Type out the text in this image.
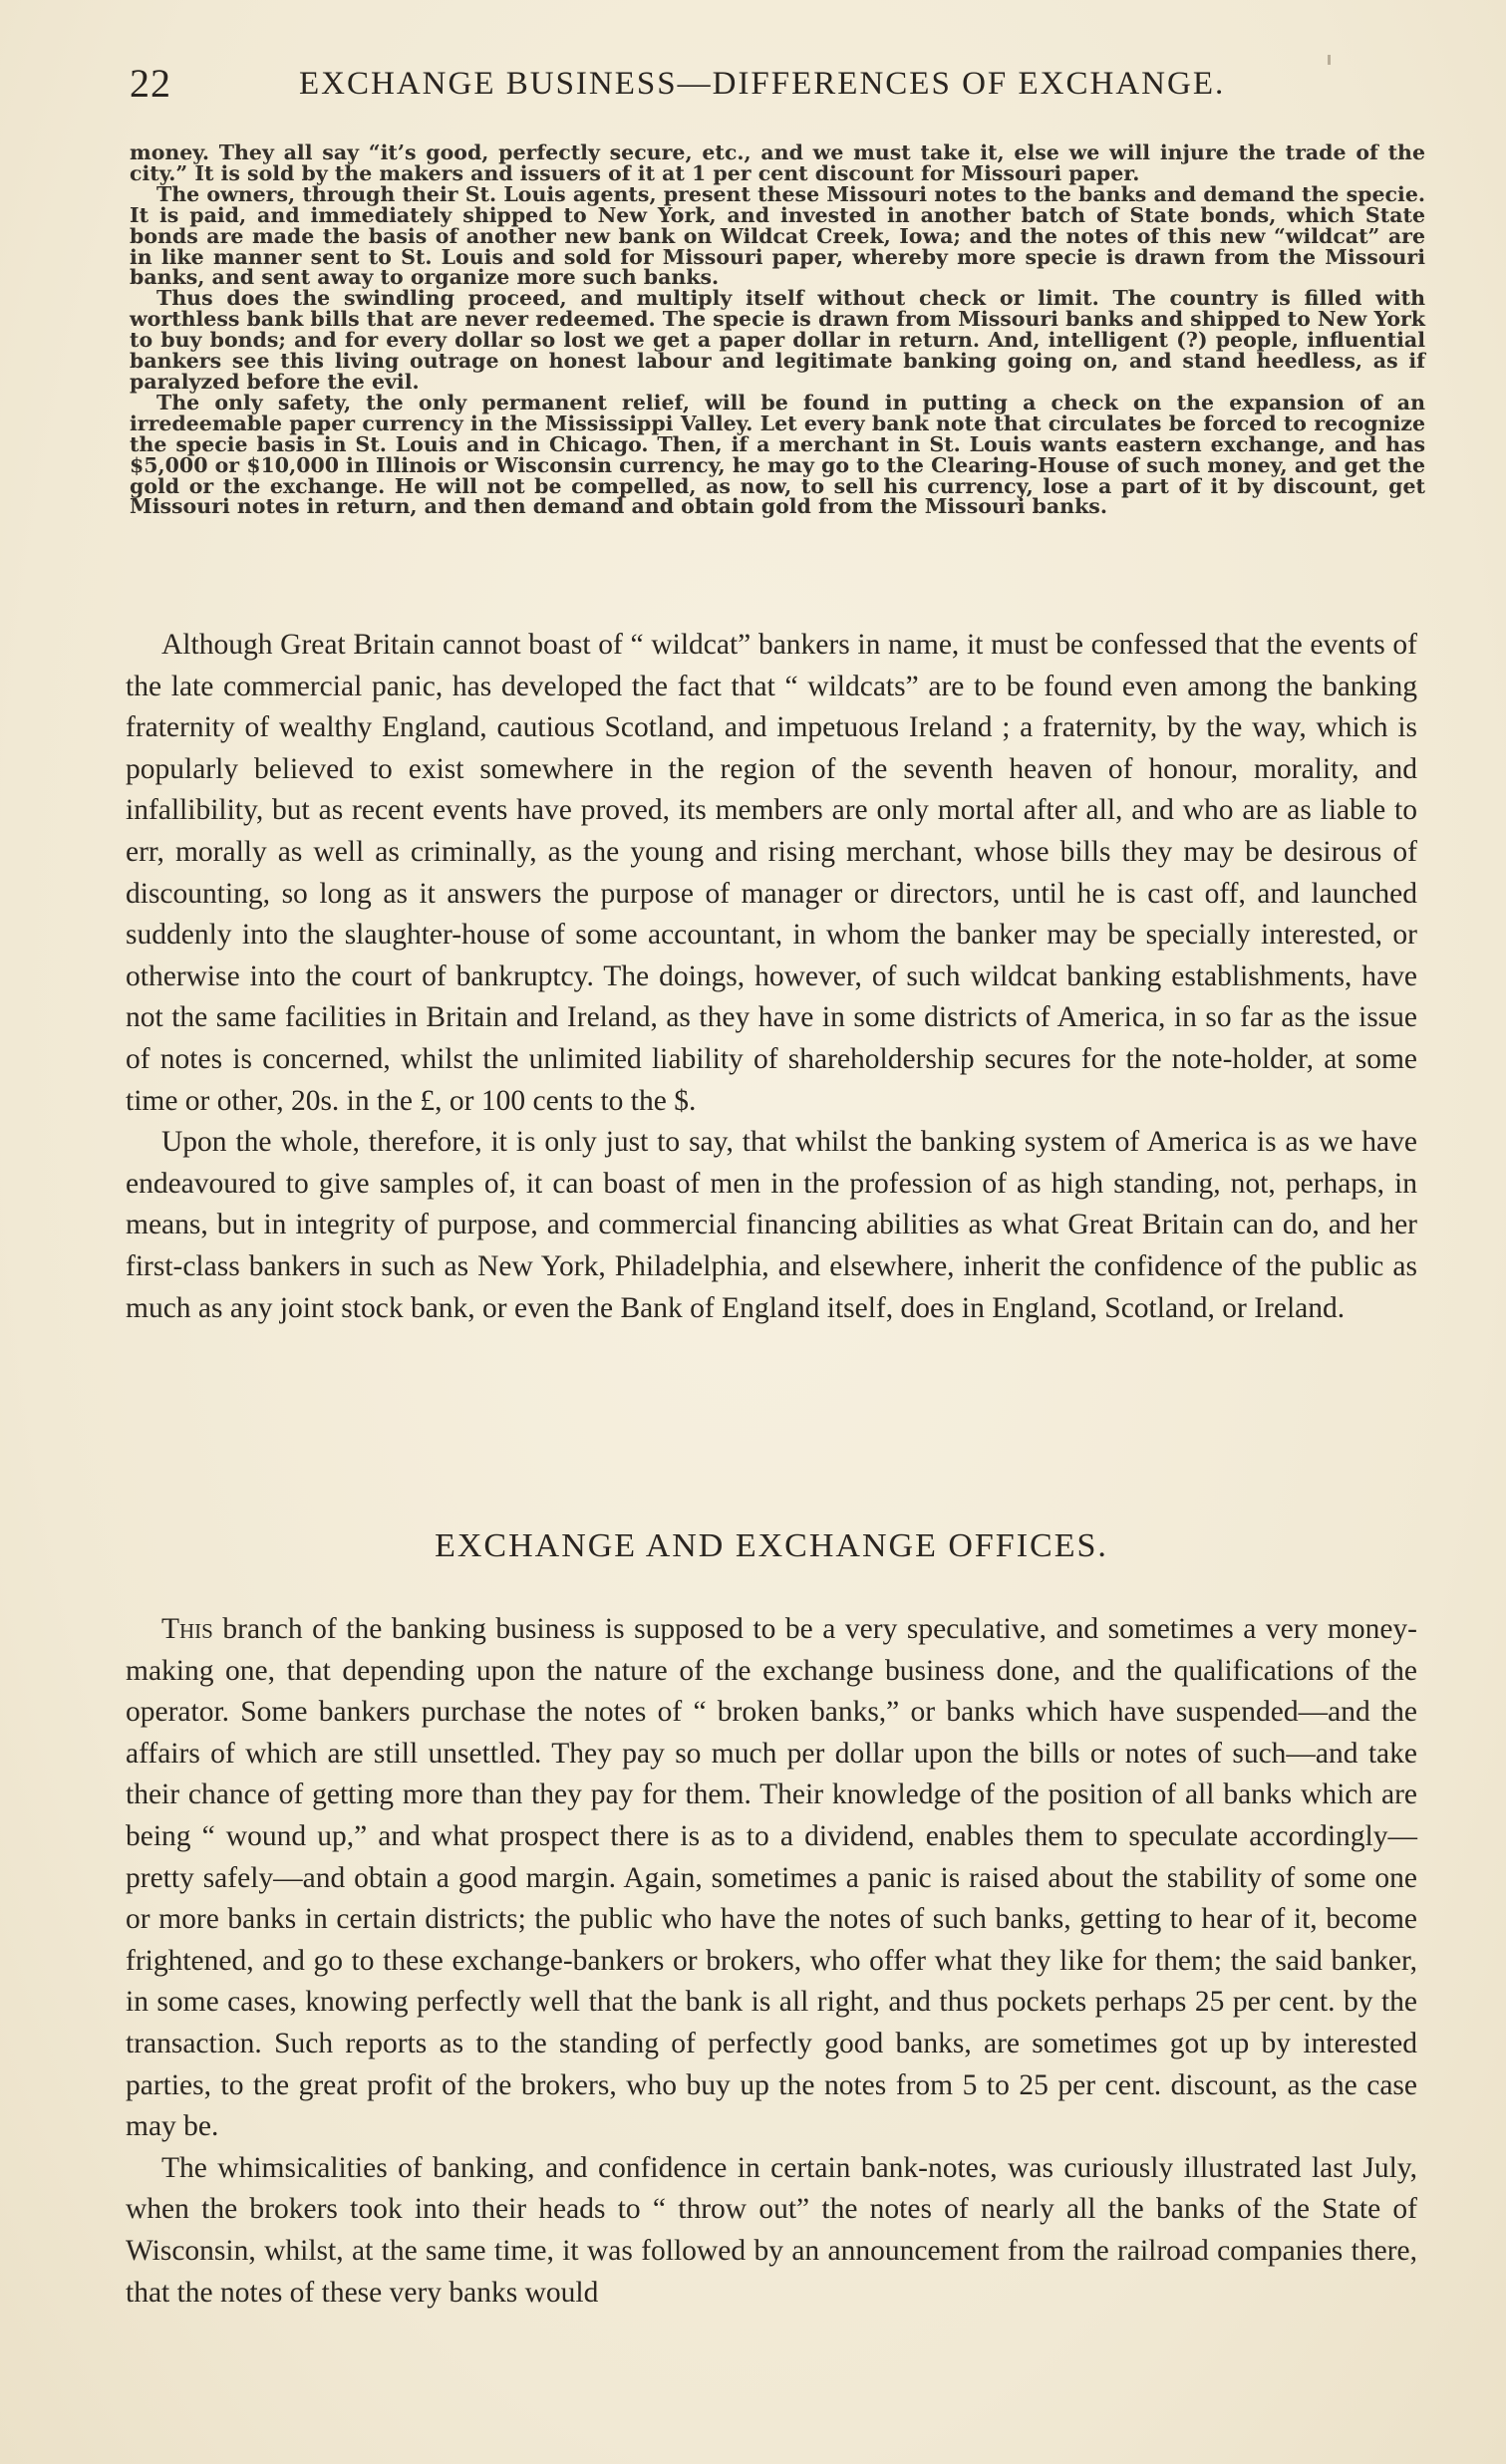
22	EXCHANGE BUSINESS—DIFFERENCES OF EXCHANGE.

money. They all say “it’s good, perfectly secure, etc., and we must take it, else we will injure the trade of the city.” It is sold by the makers and issuers of it at 1 per cent discount for Missouri paper.

The owners, through their St. Louis agents, present these Missouri notes to the banks and demand the specie. It is paid, and immediately shipped to New York, and invested in another batch of State bonds, which State bonds are made the basis of another new bank on Wildcat Creek, Iowa; and the notes of this new “wildcat” are in like manner sent to St. Louis and sold for Missouri paper, whereby more specie is drawn from the Missouri banks, and sent away to organize more such banks.

Thus does the swindling proceed, and multiply itself without check or limit. The country is filled with worthless bank bills that are never redeemed. The specie is drawn from Missouri banks and shipped to New York to buy bonds; and for every dollar so lost we get a paper dollar in return. And, intelligent (?) people, influential bankers see this living outrage on honest labour and legitimate banking going on, and stand heedless, as if paralyzed before the evil.

The only safety, the only permanent relief, will be found in putting a check on the expansion of an irredeemable paper currency in the Mississippi Valley. Let every bank note that circulates be forced to recognize the specie basis in St. Louis and in Chicago. Then, if a merchant in St. Louis wants eastern exchange, and has $5,000 or $10,000 in Illinois or Wisconsin currency, he may go to the Clearing-House of such money, and get the gold or the exchange. He will not be compelled, as now, to sell his currency, lose a part of it by discount, get Missouri notes in return, and then demand and obtain gold from the Missouri banks.

Although Great Britain cannot boast of “ wildcat” bankers in name, it must be confessed that the events of the late commercial panic, has developed the fact that “ wildcats” are to be found even among the banking fraternity of wealthy England, cautious Scotland, and impetuous Ireland ; a fraternity, by the way, which is popularly believed to exist somewhere in the region of the seventh heaven of honour, morality, and infallibility, but as recent events have proved, its members are only mortal after all, and who are as liable to err, morally as well as criminally, as the young and rising merchant, whose bills they may be desirous of discounting, so long as it answers the purpose of manager or directors, until he is cast off, and launched suddenly into the slaughter-house of some accountant, in whom the banker may be specially interested, or otherwise into the court of bankruptcy. The doings, however, of such wildcat banking establishments, have not the same facilities in Britain and Ireland, as they have in some districts of America, in so far as the issue of notes is concerned, whilst the unlimited liability of shareholdership secures for the note-holder, at some time or other, 20s. in the £, or 100 cents to the $.

Upon the whole, therefore, it is only just to say, that whilst the banking system of America is as we have endeavoured to give samples of, it can boast of men in the profession of as high standing, not, perhaps, in means, but in integrity of purpose, and commercial financing abilities as what Great Britain can do, and her first-class bankers in such as New York, Philadelphia, and elsewhere, inherit the confidence of the public as much as any joint stock bank, or even the Bank of England itself, does in England, Scotland, or Ireland.

EXCHANGE AND EXCHANGE OFFICES.

This branch of the banking business is supposed to be a very speculative, and sometimes a very money-making one, that depending upon the nature of the exchange business done, and the qualifications of the operator. Some bankers purchase the notes of “ broken banks,” or banks which have suspended—and the affairs of which are still unsettled. They pay so much per dollar upon the bills or notes of such—and take their chance of getting more than they pay for them. Their knowledge of the position of all banks which are being “ wound up,” and what prospect there is as to a dividend, enables them to speculate accordingly—pretty safely—and obtain a good margin. Again, sometimes a panic is raised about the stability of some one or more banks in certain districts; the public who have the notes of such banks, getting to hear of it, become frightened, and go to these exchange-bankers or brokers, who offer what they like for them; the said banker, in some cases, knowing perfectly well that the bank is all right, and thus pockets perhaps 25 per cent. by the transaction. Such reports as to the standing of perfectly good banks, are sometimes got up by interested parties, to the great profit of the brokers, who buy up the notes from 5 to 25 per cent. discount, as the case may be.

The whimsicalities of banking, and confidence in certain bank-notes, was curiously illustrated last July, when the brokers took into their heads to “ throw out” the notes of nearly all the banks of the State of Wisconsin, whilst, at the same time, it was followed by an announcement from the railroad companies there, that the notes of these very banks would
